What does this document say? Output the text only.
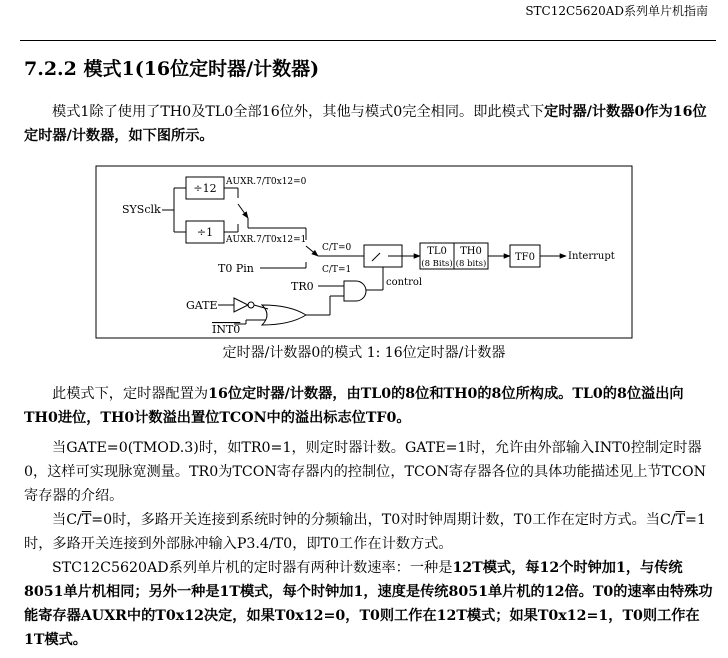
STC12C5620AD系列单片机指南
7.2.2 模式1(16位定时器/计数器)

模式1除了使用了TH0及TL0全部16位外，其他与模式0完全相同。即此模式下定时器/计数器0作为16位定时器/计数器，如下图所示。

SYSclk
÷12
÷1
AUXR.7/T0x12=0
AUXR.7/T0x12=1
C/T=0
C/T=1
T0 Pin
TR0
GATE
INT0
control
TL0
(8 Bits)
TH0
(8 bits)
TF0	Interrupt
定时器/计数器0的模式 1: 16位定时器/计数器

此模式下，定时器配置为16位定时器/计数器，由TL0的8位和TH0的8位所构成。TL0的8位溢出向TH0进位，TH0计数溢出置位TCON中的溢出标志位TF0。

当GATE=0(TMOD.3)时，如TR0=1，则定时器计数。GATE=1时，允许由外部输入INT0控制定时器0，这样可实现脉宽测量。TR0为TCON寄存器内的控制位，TCON寄存器各位的具体功能描述见上节TCON寄存器的介绍。

当$C/\overline{T}=0$时，多路开关连接到系统时钟的分频输出，T0对时钟周期计数，T0工作在定时方式。当$C/\overline{T}=1$时，多路开关连接到外部脉冲输入P3.4/T0，即T0工作在计数方式。

STC12C5620AD系列单片机的定时器有两种计数速率：一种是12T模式，每12个时钟加1，与传统8051单片机相同；另外一种是1T模式，每个时钟加1，速度是传统8051单片机的12倍。T0的速率由特殊功能寄存器AUXR中的T0x12决定，如果T0x12=0，T0则工作在12T模式；如果T0x12=1，T0则工作在1T模式。
